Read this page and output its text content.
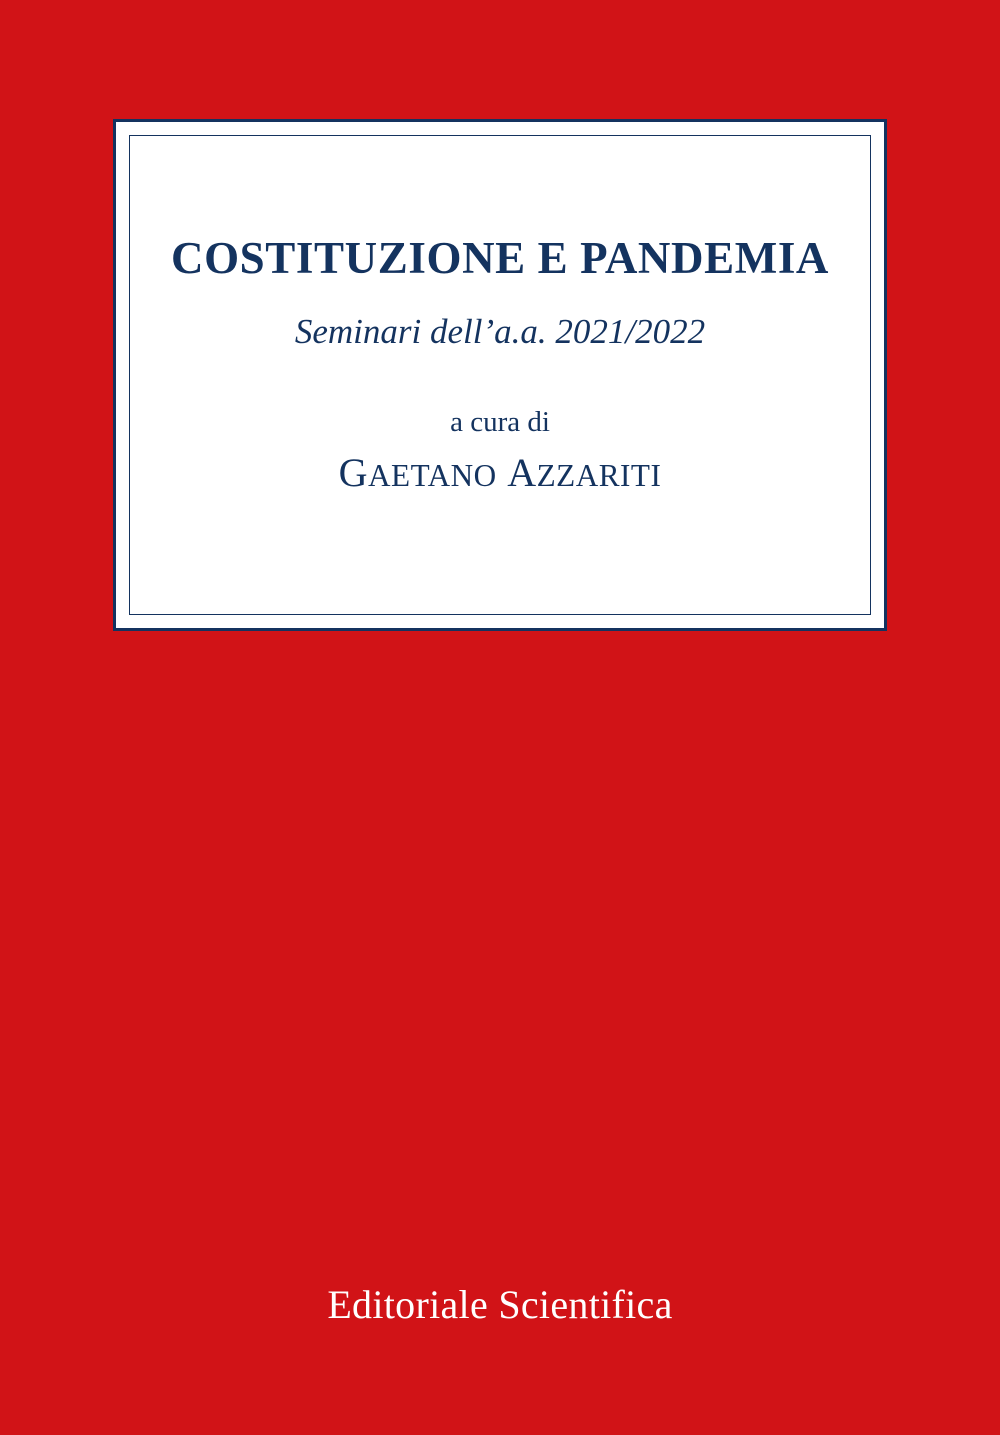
COSTITUZIONE E PANDEMIA

Seminari dell’a.a. 2021/2022

a cura di

GAETANO AZZARITI

Editoriale Scientifica
